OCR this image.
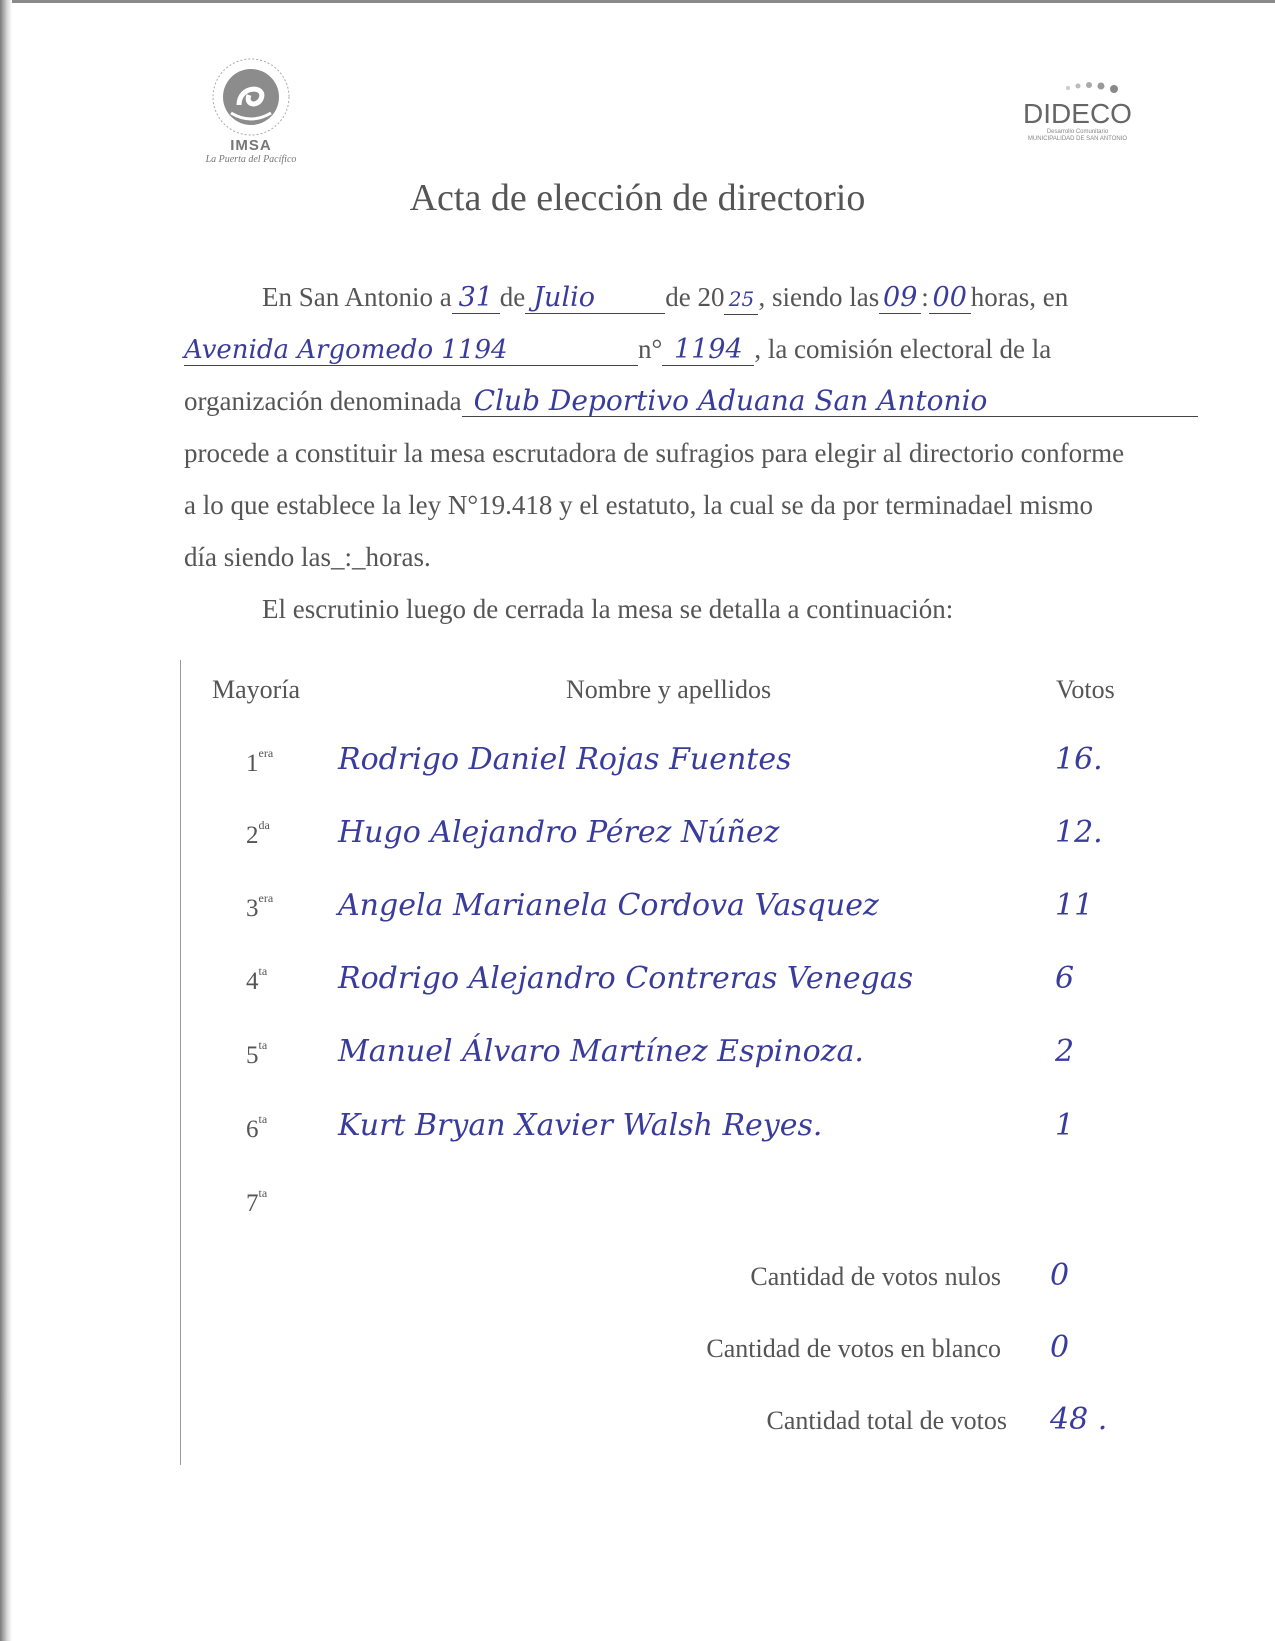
IMSA
La Puerta del Pacífico
DIDECO
Desarrollo Comunitario
MUNICIPALIDAD DE SAN ANTONIO
Acta de elección de directorio
En San Antonio a 31 de Julio	de 20 25 , siendo las 09 : 00 horas, en
Avenida Argomedo 1194	n° 1194 , la comisión electoral de la
organización denominada Club Deportivo Aduana San Antonio
procede a constituir la mesa escrutadora de sufragios para elegir al directorio conforme
a lo que establece la ley N°19.418 y el estatuto, la cual se da por terminadael mismo
día siendo las_:_horas.
El escrutinio luego de cerrada la mesa se detalla a continuación:
Mayoría	Nombre y apellidos	Votos
$1^{era}$ Rodrigo Daniel Rojas Fuentes	16.
$2^{da}$ Hugo Alejandro Pérez Núñez	12.
$3^{era}$ Angela Marianela Cordova Vasquez	11
$4^{ta}$ Rodrigo Alejandro Contreras Venegas	6
$5^{ta}$ Manuel Álvaro Martínez Espinoza.	2
$6^{ta}$ Kurt Bryan Xavier Walsh Reyes.	1
$7^{ta}$
Cantidad de votos nulos 0
Cantidad de votos en blanco 0
Cantidad total de votos 48 .
